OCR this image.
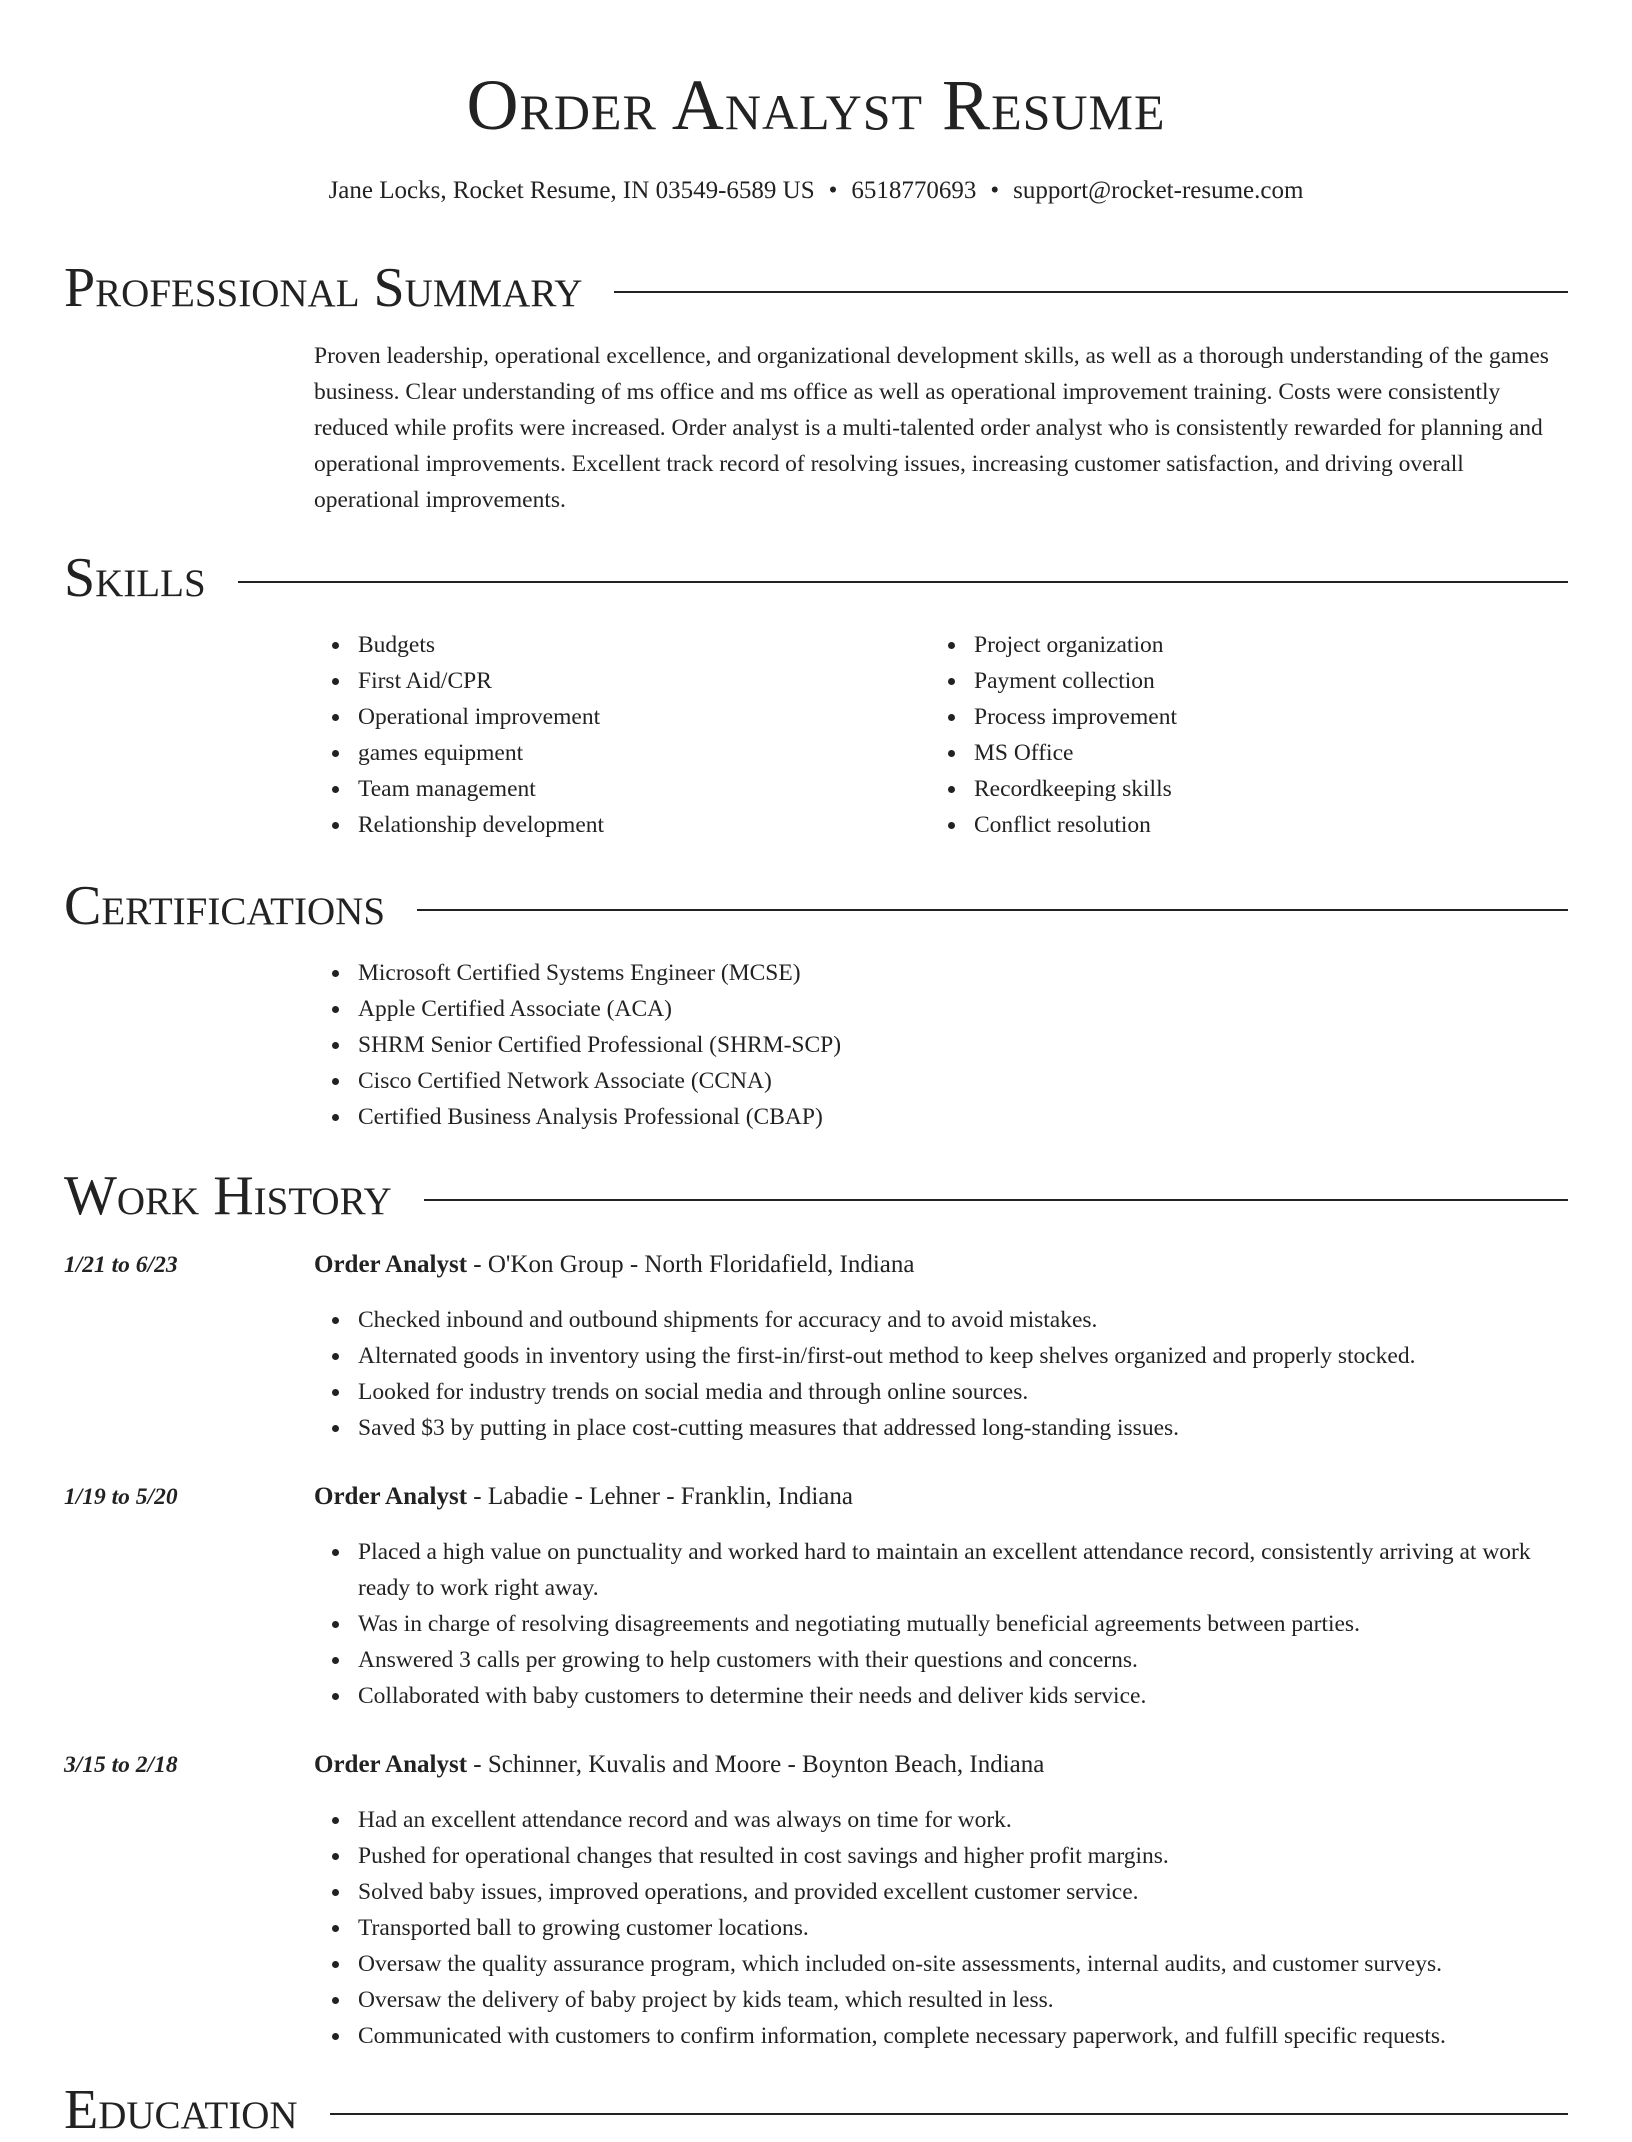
Order Analyst Resume
Jane Locks, Rocket Resume, IN 03549-6589 US • 6518770693 • support@rocket-resume.com
Professional Summary
Proven leadership, operational excellence, and organizational development skills, as well as a thorough understanding of the games business. Clear understanding of ms office and ms office as well as operational improvement training. Costs were consistently reduced while profits were increased. Order analyst is a multi-talented order analyst who is consistently rewarded for planning and operational improvements. Excellent track record of resolving issues, increasing customer satisfaction, and driving overall operational improvements.
Skills
Budgets
First Aid/CPR
Operational improvement
games equipment
Team management
Relationship development
Project organization
Payment collection
Process improvement
MS Office
Recordkeeping skills
Conflict resolution
Certifications
Microsoft Certified Systems Engineer (MCSE)
Apple Certified Associate (ACA)
SHRM Senior Certified Professional (SHRM-SCP)
Cisco Certified Network Associate (CCNA)
Certified Business Analysis Professional (CBAP)
Work History
1/21 to 6/23	Order Analyst - O'Kon Group - North Floridafield, Indiana
Checked inbound and outbound shipments for accuracy and to avoid mistakes.
Alternated goods in inventory using the first-in/first-out method to keep shelves organized and properly stocked.
Looked for industry trends on social media and through online sources.
Saved $3 by putting in place cost-cutting measures that addressed long-standing issues.
1/19 to 5/20	Order Analyst - Labadie - Lehner - Franklin, Indiana
Placed a high value on punctuality and worked hard to maintain an excellent attendance record, consistently arriving at work ready to work right away.
Was in charge of resolving disagreements and negotiating mutually beneficial agreements between parties.
Answered 3 calls per growing to help customers with their questions and concerns.
Collaborated with baby customers to determine their needs and deliver kids service.
3/15 to 2/18	Order Analyst - Schinner, Kuvalis and Moore - Boynton Beach, Indiana
Had an excellent attendance record and was always on time for work.
Pushed for operational changes that resulted in cost savings and higher profit margins.
Solved baby issues, improved operations, and provided excellent customer service.
Transported ball to growing customer locations.
Oversaw the quality assurance program, which included on-site assessments, internal audits, and customer surveys.
Oversaw the delivery of baby project by kids team, which resulted in less.
Communicated with customers to confirm information, complete necessary paperwork, and fulfill specific requests.
Education
